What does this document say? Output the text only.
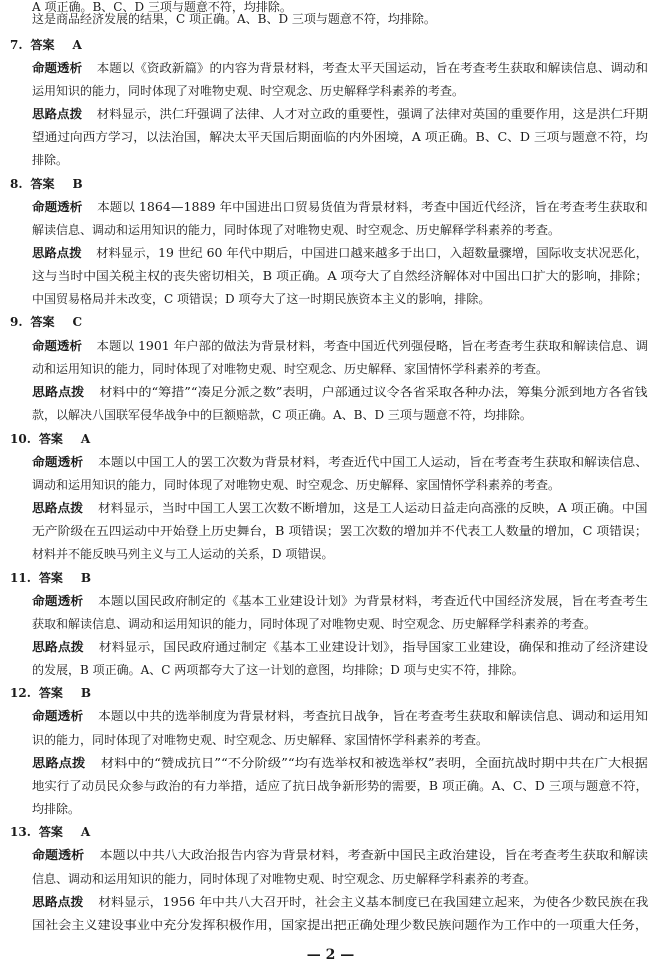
— 2 —
这是商品经济发展的结果，C 项正确。A、B、D 三项与题意不符，均排除。
7. 答案 A
命题透析 本题以《资政新篇》的内容为背景材料，考查太平天国运动，旨在考查考生获取和解读信息、调动和
运用知识的能力，同时体现了对唯物史观、时空观念、历史解释学科素养的考查。
思路点拨 材料显示，洪仁玕强调了法律、人才对立政的重要性，强调了法律对英国的重要作用，这是洪仁玕期
望通过向西方学习，以法治国，解决太平天国后期面临的内外困境，A 项正确。B、C、D 三项与题意不符，均
排除。
8. 答案 B
命题透析 本题以 1864—1889 年中国进出口贸易货值为背景材料，考查中国近代经济，旨在考查考生获取和
解读信息、调动和运用知识的能力，同时体现了对唯物史观、时空观念、历史解释学科素养的考查。
思路点拨 材料显示，19 世纪 60 年代中期后，中国进口越来越多于出口，入超数量骤增，国际收支状况恶化，
这与当时中国关税主权的丧失密切相关，B 项正确。A 项夸大了自然经济解体对中国出口扩大的影响，排除；
中国贸易格局并未改变，C 项错误；D 项夸大了这一时期民族资本主义的影响，排除。
9. 答案 C
命题透析 本题以 1901 年户部的做法为背景材料，考查中国近代列强侵略，旨在考查考生获取和解读信息、调
动和运用知识的能力，同时体现了对唯物史观、时空观念、历史解释、家国情怀学科素养的考查。
思路点拨 材料中的“筹措”“凑足分派之数”表明，户部通过议令各省采取各种办法，筹集分派到地方各省钱
款，以解决八国联军侵华战争中的巨额赔款，C 项正确。A、B、D 三项与题意不符，均排除。
10. 答案 A
命题透析 本题以中国工人的罢工次数为背景材料，考查近代中国工人运动，旨在考查考生获取和解读信息、
调动和运用知识的能力，同时体现了对唯物史观、时空观念、历史解释、家国情怀学科素养的考查。
思路点拨 材料显示，当时中国工人罢工次数不断增加，这是工人运动日益走向高涨的反映，A 项正确。中国
无产阶级在五四运动中开始登上历史舞台，B 项错误；罢工次数的增加并不代表工人数量的增加，C 项错误；
材料并不能反映马列主义与工人运动的关系，D 项错误。
11. 答案 B
命题透析 本题以国民政府制定的《基本工业建设计划》为背景材料，考查近代中国经济发展，旨在考查考生
获取和解读信息、调动和运用知识的能力，同时体现了对唯物史观、时空观念、历史解释学科素养的考查。
思路点拨 材料显示，国民政府通过制定《基本工业建设计划》，指导国家工业建设，确保和推动了经济建设
的发展，B 项正确。A、C 两项都夸大了这一计划的意图，均排除；D 项与史实不符，排除。
12. 答案 B
命题透析 本题以中共的选举制度为背景材料，考查抗日战争，旨在考查考生获取和解读信息、调动和运用知
识的能力，同时体现了对唯物史观、时空观念、历史解释、家国情怀学科素养的考查。
思路点拨 材料中的“赞成抗日”“不分阶级”“均有选举权和被选举权”表明，全面抗战时期中共在广大根据
地实行了动员民众参与政治的有力举措，适应了抗日战争新形势的需要，B 项正确。A、C、D 三项与题意不符，
均排除。
13. 答案 A
命题透析 本题以中共八大政治报告内容为背景材料，考查新中国民主政治建设，旨在考查考生获取和解读
信息、调动和运用知识的能力，同时体现了对唯物史观、时空观念、历史解释学科素养的考查。
思路点拨 材料显示，1956 年中共八大召开时，社会主义基本制度已在我国建立起来，为使各少数民族在我
国社会主义建设事业中充分发挥积极作用，国家提出把正确处理少数民族问题作为工作中的一项重大任务，
A 项正确。B、C、D 三项与题意不符，均排除。
